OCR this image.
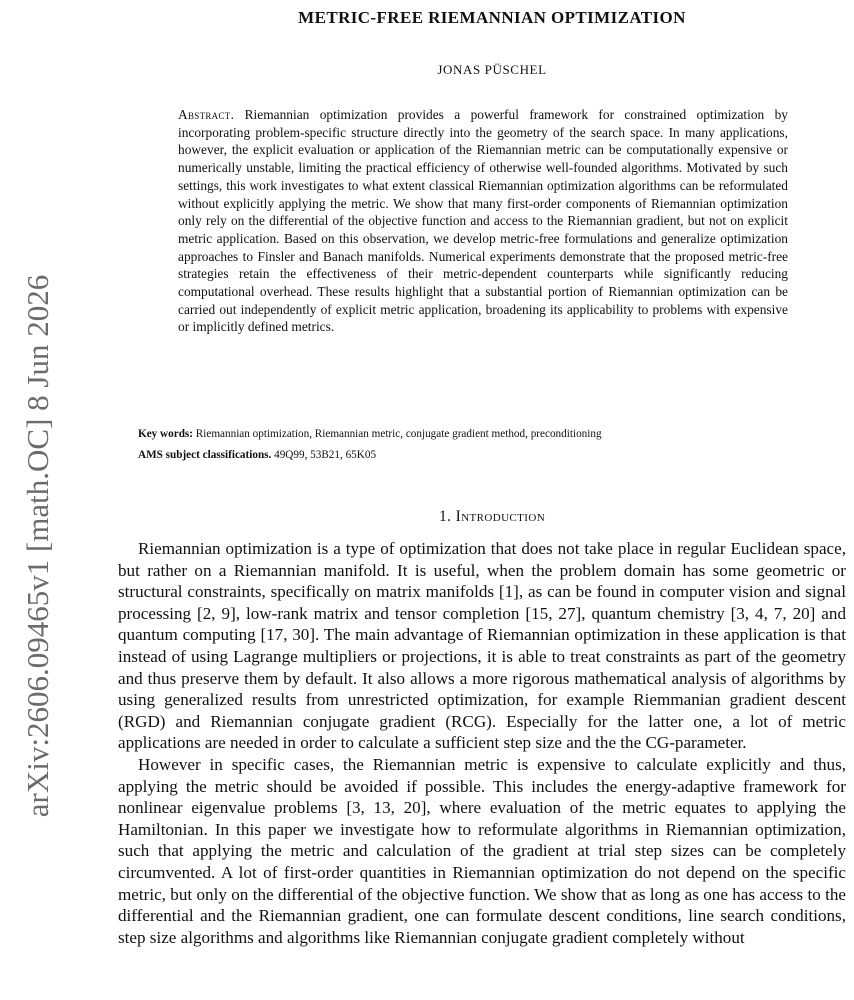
arXiv:2606.09465v1 [math.OC] 8 Jun 2026
METRIC-FREE RIEMANNIAN OPTIMIZATION
JONAS PÜSCHEL

Abstract. Riemannian optimization provides a powerful framework for constrained optimization by incorporating problem-specific structure directly into the geometry of the search space. In many applications, however, the explicit evaluation or application of the Riemannian metric can be computationally expensive or numerically unstable, limiting the practical efficiency of otherwise well-founded algorithms. Motivated by such settings, this work investigates to what extent classical Riemannian optimization algorithms can be reformulated without explicitly applying the metric. We show that many first-order components of Riemannian optimization only rely on the differential of the objective function and access to the Riemannian gradient, but not on explicit metric application. Based on this observation, we develop metric-free formulations and generalize optimization approaches to Finsler and Banach manifolds. Numerical experiments demonstrate that the proposed metric-free strategies retain the effectiveness of their metric-dependent counterparts while significantly reducing computational overhead. These results highlight that a substantial portion of Riemannian optimization can be carried out independently of explicit metric application, broadening its applicability to problems with expensive or implicitly defined metrics.

Key words: Riemannian optimization, Riemannian metric, conjugate gradient method, preconditioning

AMS subject classifications. 49Q99, 53B21, 65K05

1. Introduction

Riemannian optimization is a type of optimization that does not take place in regular Euclidean space, but rather on a Riemannian manifold. It is useful, when the problem domain has some geometric or structural constraints, specifically on matrix manifolds [1], as can be found in computer vision and signal processing [2, 9], low-rank matrix and tensor completion [15, 27], quantum chemistry [3, 4, 7, 20] and quantum computing [17, 30]. The main advantage of Riemannian optimization in these application is that instead of using Lagrange multipliers or projections, it is able to treat constraints as part of the geometry and thus preserve them by default. It also allows a more rigorous mathematical analysis of algorithms by using generalized results from unrestricted optimization, for example Riemmanian gradient descent (RGD) and Riemannian conjugate gradient (RCG). Especially for the latter one, a lot of metric applications are needed in order to calculate a sufficient step size and the the CG-parameter.

However in specific cases, the Riemannian metric is expensive to calculate explicitly and thus, applying the metric should be avoided if possible. This includes the energy-adaptive framework for nonlinear eigenvalue problems [3, 13, 20], where evaluation of the metric equates to applying the Hamiltonian. In this paper we investigate how to reformulate algorithms in Riemannian optimization, such that applying the metric and calculation of the gradient at trial step sizes can be completely circumvented. A lot of first-order quantities in Riemannian optimization do not depend on the specific metric, but only on the differential of the objective function. We show that as long as one has access to the differential and the Riemannian gradient, one can formulate descent conditions, line search conditions, step size algorithms and algorithms like Riemannian conjugate gradient completely without
